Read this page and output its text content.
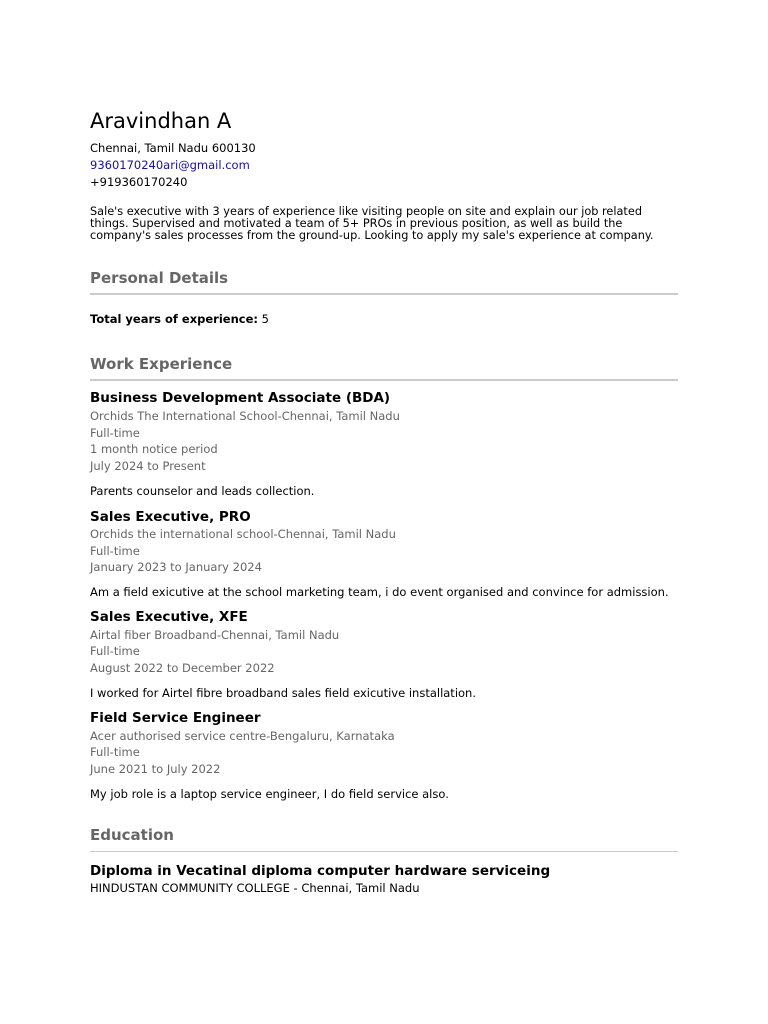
Aravindhan A
Chennai, Tamil Nadu 600130
9360170240ari@gmail.com
+919360170240

Sale's executive with 3 years of experience like visiting people on site and explain our job related things. Supervised and motivated a team of 5+ PROs in previous position, as well as build the company's sales processes from the ground-up. Looking to apply my sale's experience at company.

Personal Details
Total years of experience: 5
Work Experience
Business Development Associate (BDA)
Orchids The International School-Chennai, Tamil Nadu
Full-time
1 month notice period
July 2024 to Present

Parents counselor and leads collection.

Sales Executive, PRO
Orchids the international school-Chennai, Tamil Nadu
Full-time
January 2023 to January 2024

Am a field exicutive at the school marketing team, i do event organised and convince for admission.

Sales Executive, XFE
Airtal fiber Broadband-Chennai, Tamil Nadu
Full-time
August 2022 to December 2022

I worked for Airtel fibre broadband sales field exicutive installation.

Field Service Engineer
Acer authorised service centre-Bengaluru, Karnataka
Full-time
June 2021 to July 2022

My job role is a laptop service engineer, I do field service also.

Education
Diploma in Vecatinal diploma computer hardware serviceing
HINDUSTAN COMMUNITY COLLEGE - Chennai, Tamil Nadu
